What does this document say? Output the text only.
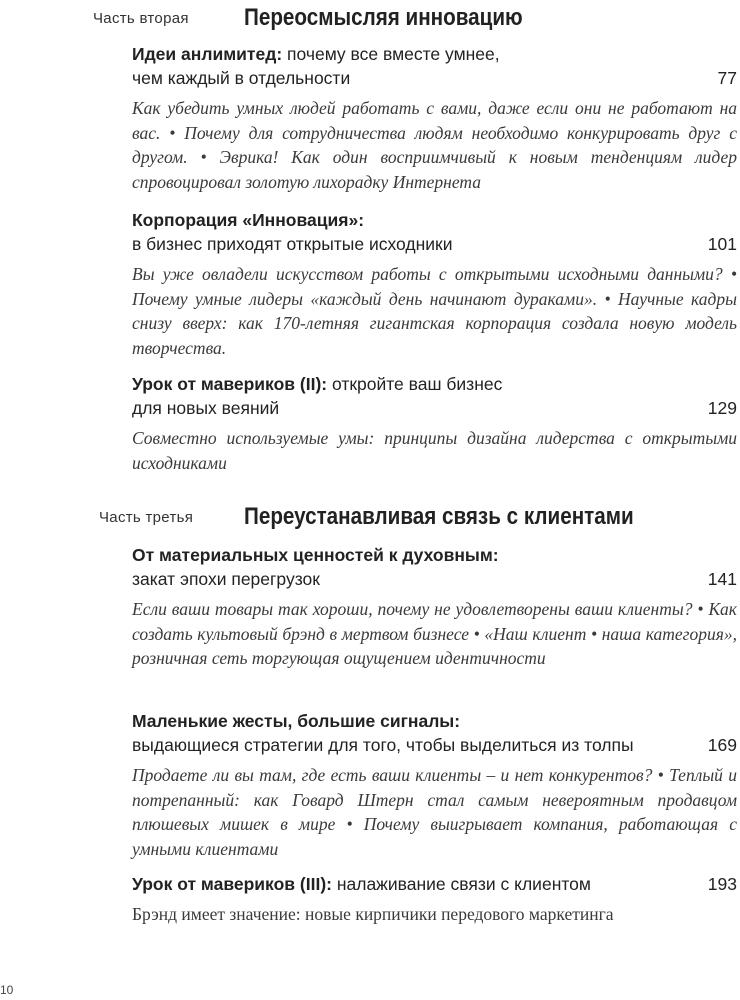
Часть вторая Переосмысляя инновацию
Идеи анлимитед: почему все вместе умнее,
чем каждый в отдельности	77
Как убедить умных людей работать с вами, даже если они не работают на вас. • Почему для сотрудничества людям необходимо конкурировать друг с другом. • Эврика! Как один восприимчивый к новым тенденциям лидер спровоцировал золотую лихорадку Интернета
Корпорация «Инновация»:
в бизнес приходят открытые исходники	101
Вы уже овладели искусством работы с открытыми исходными данными? • Почему умные лидеры «каждый день начинают дураками». • Научные кадры снизу вверх: как 170-летняя гигантская корпорация создала новую модель творчества.
Урок от мавериков (II): откройте ваш бизнес
для новых веяний	129
Совместно используемые умы: принципы дизайна лидерства с открытыми исходниками
Часть третья Переустанавливая связь с клиентами
От материальных ценностей к духовным:
закат эпохи перегрузок	141
Если ваши товары так хороши, почему не удовлетворены ваши клиенты? • Как создать культовый брэнд в мертвом бизнесе • «Наш клиент • наша категория», розничная сеть торгующая ощущением идентичности
Маленькие жесты, большие сигналы:
выдающиеся стратегии для того, чтобы выделиться из толпы	169
Продаете ли вы там, где есть ваши клиенты – и нет конкурентов? • Теплый и потрепанный: как Говард Штерн стал самым невероятным продавцом плюшевых мишек в мире • Почему выигрывает компания, работающая с умными клиентами
Урок от мавериков (III): налаживание связи с клиентом	193
Брэнд имеет значение: новые кирпичики передового маркетинга
10
